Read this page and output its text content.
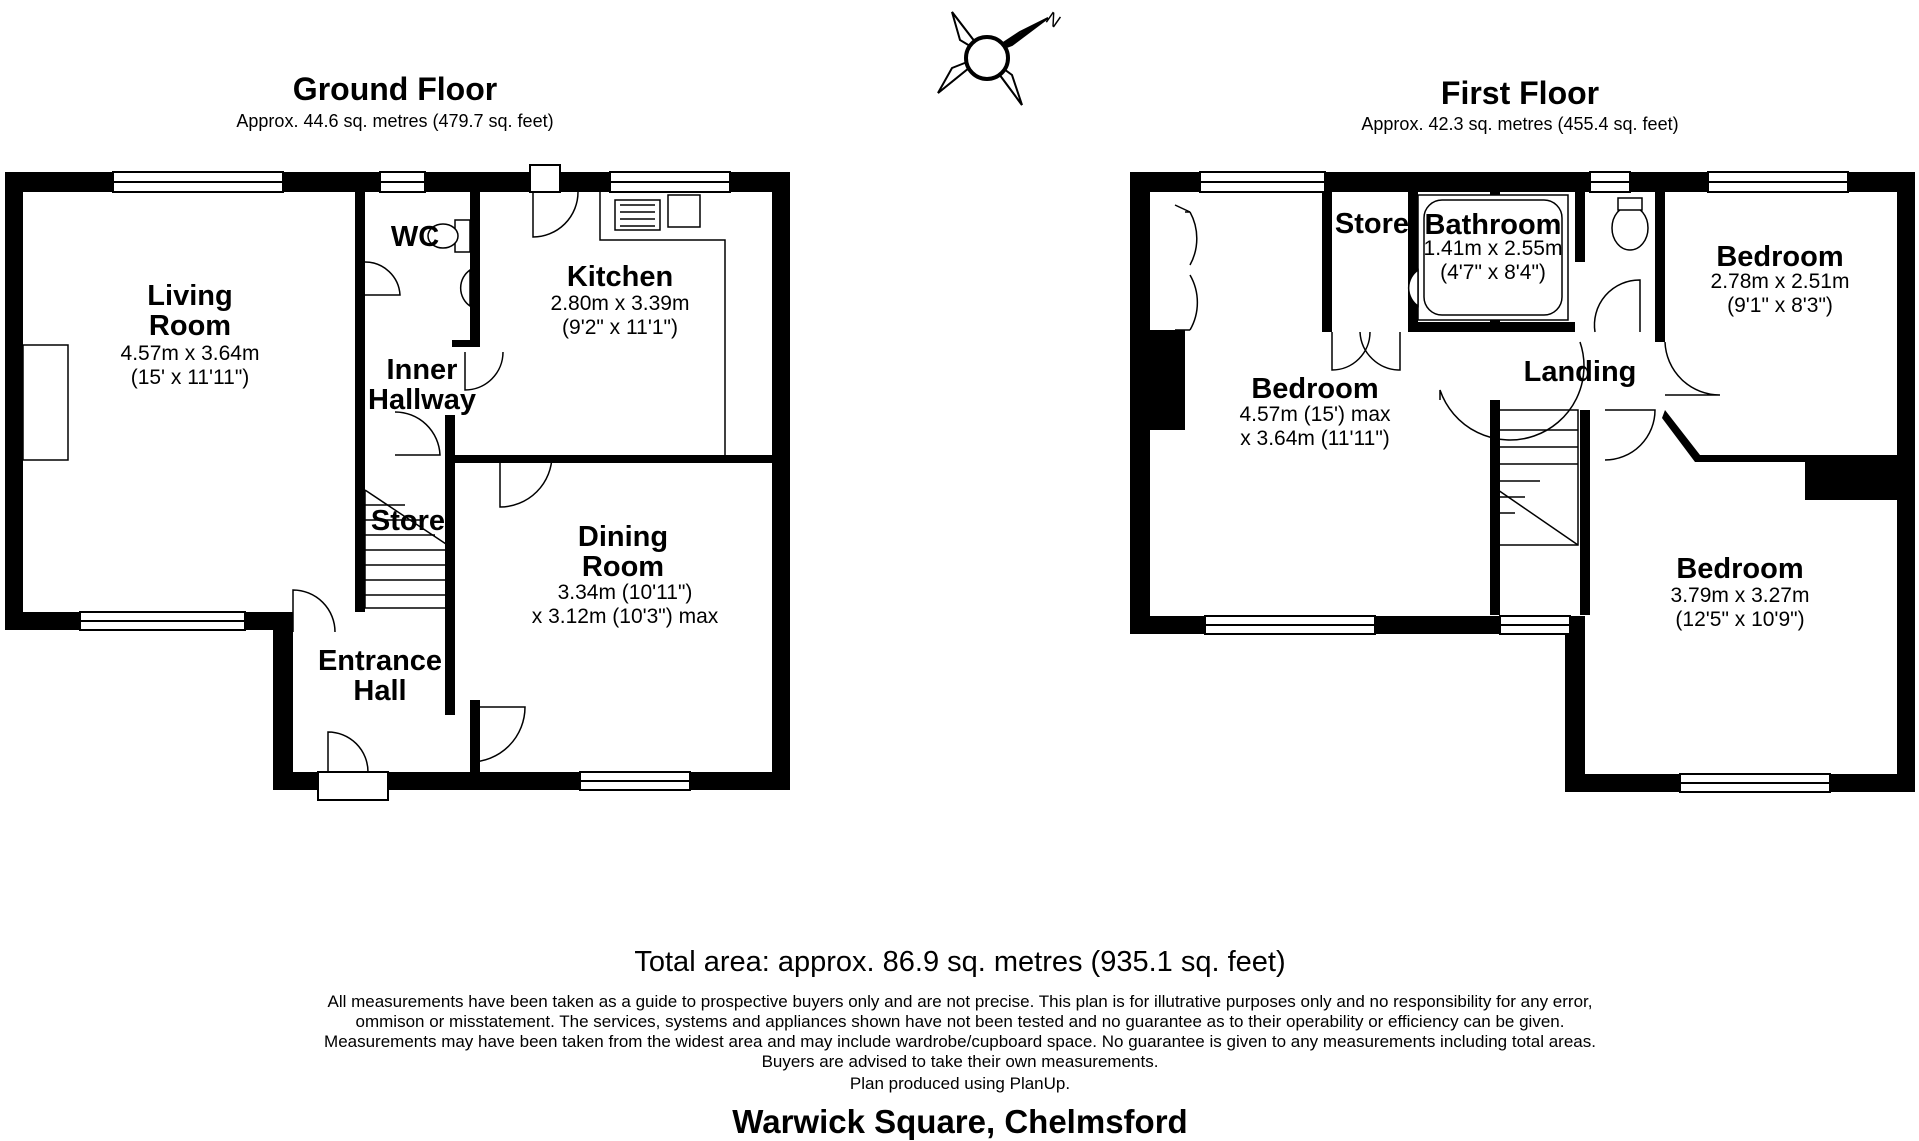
N
Ground Floor
Approx. 44.6 sq. metres (479.7 sq. feet)
First Floor
Approx. 42.3 sq. metres (455.4 sq. feet)
Living
Room
4.57m x 3.64m
(15' x 11'11")
WC
Kitchen
2.80m x 3.39m
(9'2" x 11'1")
Inner
Hallway
Store	Dining
Room
3.34m (10'11")
x 3.12m (10'3") max
Entrance
Hall
Store Bathroom
1.41m x 2.55m
(4'7" x 8'4")	Bedroom
2.78m x 2.51m
(9'1" x 8'3")
Bedroom
4.57m (15') max
x 3.64m (11'11")
Landing
Bedroom
3.79m x 3.27m
(12'5" x 10'9")
Total area: approx. 86.9 sq. metres (935.1 sq. feet)
All measurements have been taken as a guide to prospective buyers only and are not precise. This plan is for illutrative purposes only and no responsibility for any error, ommison or misstatement. The services, systems and appliances shown have not been tested and no guarantee as to their operability or efficiency can be given. Measurements may have been taken from the widest area and may include wardrobe/cupboard space. No guarantee is given to any measurements including total areas. Buyers are advised to take their own measurements.
Plan produced using PlanUp.
Warwick Square, Chelmsford
